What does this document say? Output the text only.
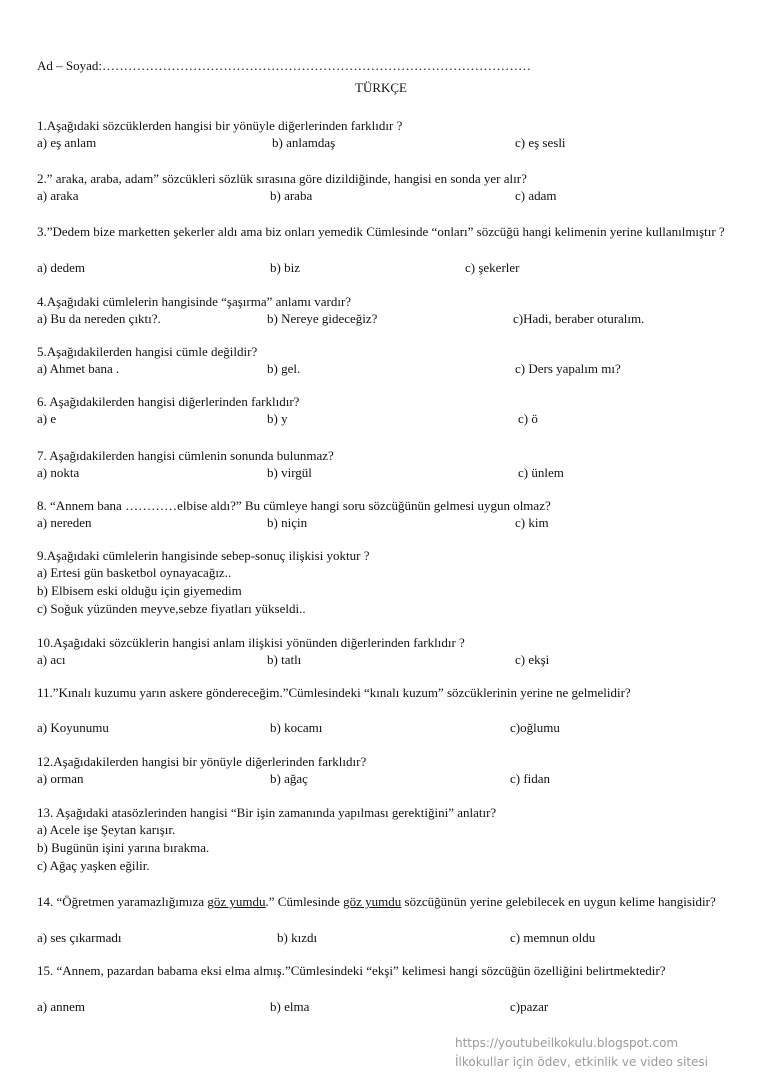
Ad – Soyad:………………………………………………………………………………………
TÜRKÇE
1.Aşağıdaki sözcüklerden hangisi bir yönüyle diğerlerinden farklıdır ?
a) eş anlam	b) anlamdaş	c) eş sesli
2.” araka, araba, adam” sözcükleri sözlük sırasına göre dizildiğinde, hangisi en sonda yer alır?
a) araka	b) araba	c) adam
3.”Dedem bize marketten şekerler aldı ama biz onları yemedik Cümlesinde “onları” sözcüğü hangi kelimenin yerine kullanılmıştır ?
a) dedem	b) biz	c) şekerler
4.Aşağıdaki cümlelerin hangisinde “şaşırma” anlamı vardır?
a) Bu da nereden çıktı?.	b) Nereye gideceğiz?	c)Hadi, beraber oturalım.
5.Aşağıdakilerden hangisi cümle değildir?
a) Ahmet bana .	b) gel.	c) Ders yapalım mı?
6. Aşağıdakilerden hangisi diğerlerinden farklıdır?
a) e	b) y	c) ö
7. Aşağıdakilerden hangisi cümlenin sonunda bulunmaz?
a) nokta	b) virgül	c) ünlem
8. “Annem bana …………elbise aldı?” Bu cümleye hangi soru sözcüğünün gelmesi uygun olmaz?
a) nereden	b) niçin	c) kim
9.Aşağıdaki cümlelerin hangisinde sebep-sonuç ilişkisi yoktur ?
a) Ertesi gün basketbol oynayacağız..
b) Elbisem eski olduğu için giyemedim
c) Soğuk yüzünden meyve,sebze fiyatları yükseldi..
10.Aşağıdaki sözcüklerin hangisi anlam ilişkisi yönünden diğerlerinden farklıdır ?
a) acı	b) tatlı	c) ekşi
11.”Kınalı kuzumu yarın askere göndereceğim.”Cümlesindeki “kınalı kuzum” sözcüklerinin yerine ne gelmelidir?
a) Koyunumu	b) kocamı	c)oğlumu
12.Aşağıdakilerden hangisi bir yönüyle diğerlerinden farklıdır?
a) orman	b) ağaç	c) fidan
13. Aşağıdaki atasözlerinden hangisi “Bir işin zamanında yapılması gerektiğini” anlatır?
a) Acele işe Şeytan karışır.
b) Bugünün işini yarına bırakma.
c) Ağaç yaşken eğilir.
14. “Öğretmen yaramazlığımıza göz yumdu.” Cümlesinde göz yumdu sözcüğünün yerine gelebilecek en uygun kelime hangisidir?
a) ses çıkarmadı	b) kızdı	c) memnun oldu
15. “Annem, pazardan babama eksi elma almış.”Cümlesindeki “ekşi” kelimesi hangi sözcüğün özelliğini belirtmektedir?
a) annem	b) elma	c)pazar
https://youtubeilkokulu.blogspot.com
İlkokullar için ödev, etkinlik ve video sitesi
